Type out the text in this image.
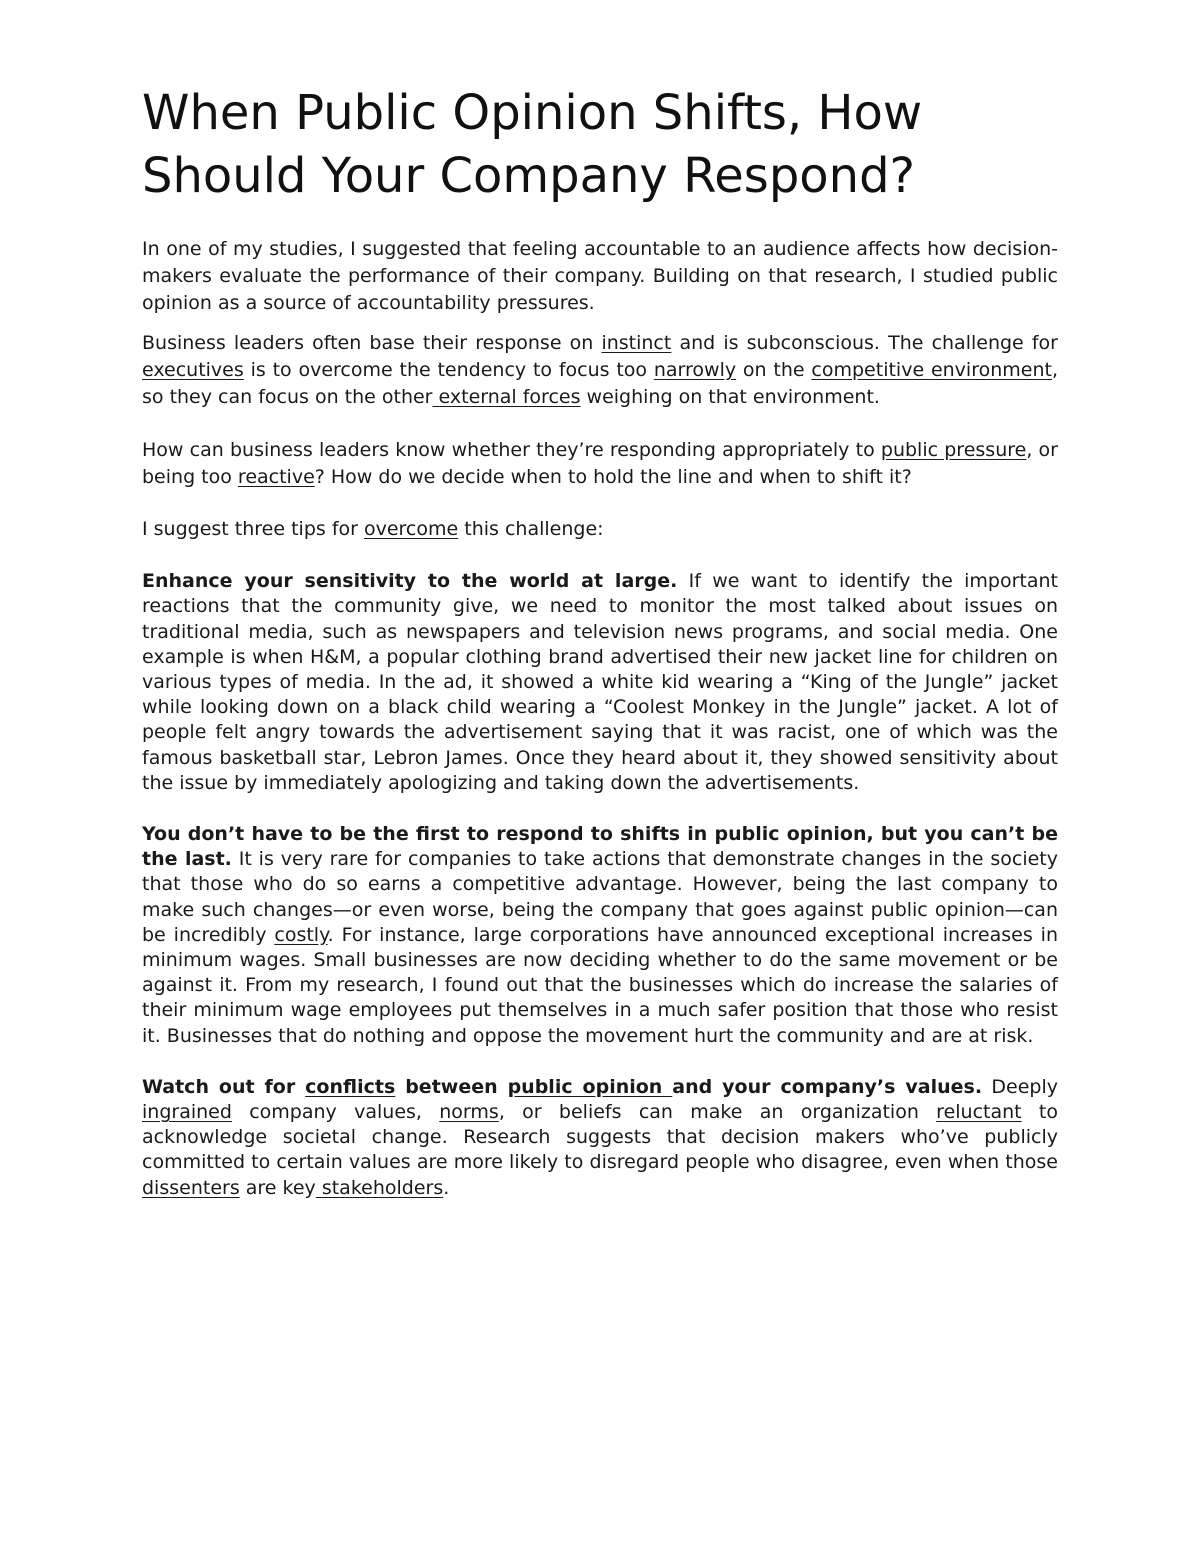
When Public Opinion Shifts, How Should Your Company Respond?

In one of my studies, I suggested that feeling accountable to an audience affects how decision-makers evaluate the performance of their company. Building on that research, I studied public opinion as a source of accountability pressures.

Business leaders often base their response on instinct and is subconscious. The challenge for executives is to overcome the tendency to focus too narrowly on the competitive environment, so they can focus on the other external forces weighing on that environment.

How can business leaders know whether they’re responding appropriately to public pressure, or being too reactive? How do we decide when to hold the line and when to shift it?

I suggest three tips for overcome this challenge:

Enhance your sensitivity to the world at large. If we want to identify the important reactions that the community give, we need to monitor the most talked about issues on traditional media, such as newspapers and television news programs, and social media. One example is when H&M, a popular clothing brand advertised their new jacket line for children on various types of media. In the ad, it showed a white kid wearing a “King of the Jungle” jacket while looking down on a black child wearing a “Coolest Monkey in the Jungle” jacket. A lot of people felt angry towards the advertisement saying that it was racist, one of which was the famous basketball star, Lebron James. Once they heard about it, they showed sensitivity about the issue by immediately apologizing and taking down the advertisements.

You don’t have to be the first to respond to shifts in public opinion, but you can’t be the last. It is very rare for companies to take actions that demonstrate changes in the society that those who do so earns a competitive advantage. However, being the last company to make such changes—or even worse, being the company that goes against public opinion—can be incredibly costly. For instance, large corporations have announced exceptional increases in minimum wages. Small businesses are now deciding whether to do the same movement or be against it. From my research, I found out that the businesses which do increase the salaries of their minimum wage employees put themselves in a much safer position that those who resist it. Businesses that do nothing and oppose the movement hurt the community and are at risk.

Watch out for conflicts between public opinion and your company’s values. Deeply ingrained company values, norms, or beliefs can make an organization reluctant to acknowledge societal change. Research suggests that decision makers who’ve publicly committed to certain values are more likely to disregard people who disagree, even when those dissenters are key stakeholders.
